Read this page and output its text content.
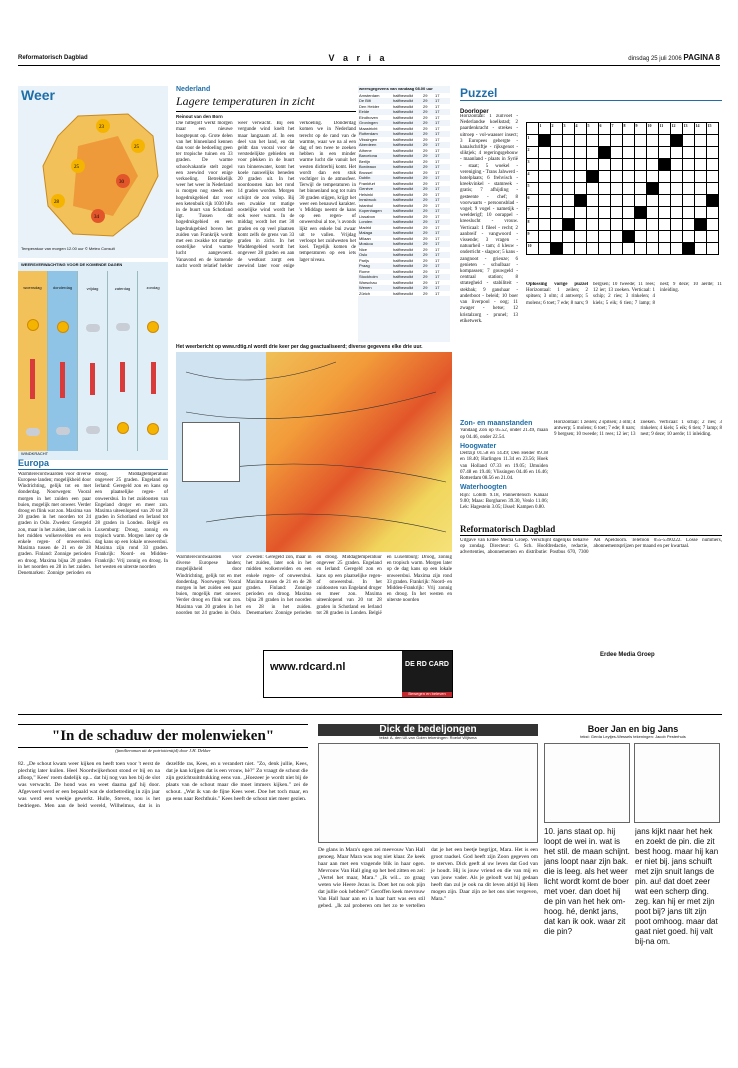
Reformatorisch Dagblad	V a r i a	dinsdag 25 juli 2006 PAGINA 8
Weer
23
25
25
30
28
34
Temperatuur van morgen 12.00 uur © Meteo Consult
WEERSVERWACHTING VOOR DE KOMENDE DAGEN
woensdag	donderdag	vrijdag	zaterdag	zondag
WINDKRACHT
Europa
Warmterecordwaarden voor diverse Europese landen; mogelijkheid door Windrichting, gelijk tot en met donderdag. Noorwegen: Vooral morgen in het zuiden een paar buien, mogelijk met onweer. Verder droog en flink wat zon. Maxima van 20 graden in het noorden tot 24 graden in Oslo. Zweden: Geregeld zon, maar in het zuiden, later ook in het midden wolkenvelden en een enkele regen- of onweersbui. Maxima tussen de 21 en de 28 graden. Finland: Zonnige perioden en droog. Maxima bijna 20 graden in het noorden en 28 in het zuiden. Denemarken: Zonnige perioden en droog. Middagtemperatuur ongeveer 25 graden. Engeland en Ierland: Geregeld zon en kans op een plaatselijke regen- of onweersbui. In het zuidoosten van Engeland droger en meer zon. Maxima uiteenlopend van 20 tot 28 graden in Schotland en Ierland tot 28 graden in Londen. België en Luxemburg: Droog, zonnig en tropisch warm. Morgen later op de dag kans op een lokale onweersbui. Maxima zijn rond 33 graden. Frankrijk: Noord- en Midden-Frankrijk: Vrij zonnig en droog. In het westen en uiterste noorden
Nederland
Lagere temperaturen in zicht
Reinout van den Born
Die hittegolf werkt morgen maar een nieuwe hoogtepunt op. Grote delen van het binnenland kennen dan voor de bedoeling geen ter tropische tuinen en 33 graden. De warme schoolvakantie stelt zogel een zeewind voor enige verkoeling. Betrekkelijk weer het weer in Nederland is morgen nog steeds een hogedrukgebied dat voor een ketenbuik rijk 1030 hPa in de buurt van Schotland ligt. Tussen dit hogedrukgebied en een lagedrukgebied boven het zuiden van Frankrijk wordt met een zwakke tot matige oostelijke wind warme lucht aangevoerd. Vanavond en de komende nacht wordt relatief helder weer verwacht. Bij een vergunde wind koelt het maar langzaam af. In een deel van het land, en dat geldt dan vooral voor de verstedelijkte gebieden en voor plekken in de buurt van binnenwater, komt het koele nauwelijks beneden 20 graden uit. In het noordoosten kan het rond 14 graden worden. Morgen schijnt de zon volop. Bij een zwakke tot matige oostelijke wind wordt het ook weer warm. In de middag wordt het met 30 graden en op veel plaatsen komt zelfs de grens van 33 graden in zicht. In het Waddengebied wordt het ongeveer 28 graden en aan de westkust zorgt een zeewind later voor enige verkoeling. Donderdag komen we in Nederland terecht op de rand van de warmte, waar we na al een dag of ten twee te zoeken hebben in een minder warme lucht die vanuit het westen dichterbij komt. Het wordt dan een stuk vochtiger in de atmosfeer. Terwijl de temperaturen in het binnenland nog tot ruim 30 graden stijgen, krijgt het weer een benauwd karakter. 's Middags neemt de kans op een regen- of onweersbui al toe, 's avonds lijkt een enkele bui zwaar uit te vallen. Vrijdag verloopt het zuidwesten het koel. Tegelijk komen de temperaturen op een iets lager niveau.
weersgegevens van vandaag 08.00 uur
Amsterdam	halfbewolkt	29	17
De Bilt	halfbewolkt	29	17
Den Helder	halfbewolkt	29	17
Eelde	halfbewolkt	29	17
Eindhoven	halfbewolkt	29	17
Groningen	halfbewolkt	29	17
Maastricht	halfbewolkt	29	17
Rotterdam	halfbewolkt	29	17
Vlissingen	halfbewolkt	29	17
Aberdeen	halfbewolkt	29	17
Athene	halfbewolkt	29	17
Barcelona	halfbewolkt	29	17
Berlijn	halfbewolkt	29	17
Bordeaux	halfbewolkt	29	17
Brussel	halfbewolkt	29	17
Dublin	halfbewolkt	29	17
Frankfurt	halfbewolkt	29	17
Genève	halfbewolkt	29	17
Helsinki	halfbewolkt	29	17
Innsbruck	halfbewolkt	29	17
Istanbul	halfbewolkt	29	17
Kopenhagen	halfbewolkt	29	17
Lissabon	halfbewolkt	29	17
Londen	halfbewolkt	29	17
Madrid	halfbewolkt	29	17
Malaga	halfbewolkt	29	17
Milaan	halfbewolkt	29	17
Moskou	halfbewolkt	29	17
Nice	halfbewolkt	29	17
Oslo	halfbewolkt	29	17
Parijs	halfbewolkt	29	17
Praag	halfbewolkt	29	17
Rome	halfbewolkt	29	17
Stockholm	halfbewolkt	29	17
Warschau	halfbewolkt	29	17
Wenen	halfbewolkt	29	17
Zürich	halfbewolkt	29	17
Het weerbericht op www.rdtig.nl wordt drie keer per dag geactualiseerd; diverse gegevens elke drie uur.
Warmterecordwaarden voor diverse Europese landen; mogelijkheid door Windrichting, gelijk tot en met donderdag. Noorwegen: Vooral morgen in het zuiden een paar buien, mogelijk met onweer. Verder droog en flink wat zon. Maxima van 20 graden in het noorden tot 24 graden in Oslo. Zweden: Geregeld zon, maar in het zuiden, later ook in het midden wolkenvelden en een enkele regen- of onweersbui. Maxima tussen de 21 en de 28 graden. Finland: Zonnige perioden en droog. Maxima bijna 20 graden in het noorden en 28 in het zuiden. Denemarken: Zonnige perioden en droog. Middagtemperatuur ongeveer 25 graden. Engeland en Ierland: Geregeld zon en kans op een plaatselijke regen- of onweersbui. In het zuidoosten van Engeland droger en meer zon. Maxima uiteenlopend van 20 tot 28 graden in Schotland en Ierland tot 28 graden in Londen. België en Luxemburg: Droog, zonnig en tropisch warm. Morgen later op de dag kans op een lokale onweersbui. Maxima zijn rond 33 graden. Frankrijk: Noord- en Midden-Frankrijk: Vrij zonnig en droog. In het westen en uiterste noorden
www.rdcard.nl	DE RD CARD
Bewegen en beleven
Puzzel
Doorloper
Horizontaal: 1 zuilvoet - Nederlandse koelkstad; 2 paardenkracht - strekes - uitroep - vol-waasser insect; 3 Europees gebergte - kanalschriftje - rijksgenot - sliktjek; 4 regeringsgebouw - maanland - plaats in Syrië - staat; 5 woekel - vereniging - Trans Jahwerd - hotelplaats; 6 frehvisch - kreekvinkel - stamreek - gratis; 7 afhijding - gesteente - chef; 8 voorwaarts - persoonsblad - vogel; 9 vogel - nametijk - weelderigf; 10 oorappel - kreeslucht - vrouw. Verticaal: 1 fileel - recht; 2 aanbreif - vangwoord - vissende; 3 vragen - natuurheil - tam; 4 kleuw - onderricht - slagoor; 5 kans - zangnoot - grieuze; 6 genieten - schulbaar - kompassen; 7 gouwgeld - centraal station; 8 strategheid - stabiliteit - stekbak; 9 ganshaar - anderboot - beleid; 10 boer van liverpool - oog; 11 zwager - hetse; 12 kristalzorg - prunel; 13 etiketwerk.
	1	2	3	4	5	6	7	8	9	10	11	12	13	14	15
1															
2															
3															
4															
5															
6															
7															
8															
9															
10															
Oplossing vorige puzzel Horizontaal: 1 zeilen; 2 spitsen; 3 olm; 4 antwerp; 5 molens; 6 toet; 7 ede; 8 nars; 9 bergsen; 10 tweede; 11 rees; 12 ier; 13 zoeken. Verticaal: 1 schip; 2 ries; 3 rinkelen; 4 kiels; 5 eik; 6 tien; 7 lamp; 8 nest; 9 deze; 10 aerde; 11 inleiding.
Zon- en maanstanden
Vandaag Zon op 05.52, onder 21.49, maan op 04.46, onder 22.54.
Hoogwater
Delfzijl 01.58 en 14.49; Den Helder 09.38 en 18.40; Harlingen 11.34 en 23.56; Hoek van Holland 07.33 en 19.05; IJmuiden 07.48 en 19.46; Vlissingen 04.46 en 16.46; Rotterdam 08.56 en 21.04.
Waterhoogten
Rijn: Lobith 9.18, Pannerdensch Kanaal 9.00; Maas: Borgharen 39.30, Venlo 11.06; Lek: Hagestein 3.05; IJssel: Kampen 0.80.
Horizontaal: 1 zeilen; 2 spitsen; 3 olm; 4 antwerp; 5 molens; 6 toet; 7 ede; 8 nars; 9 bergsen; 10 tweede; 11 rees; 12 ier; 13 zoeken. Verticaal: 1 schip; 2 ries; 3 rinkelen; 4 kiels; 5 eik; 6 tien; 7 lamp; 8 nest; 9 deze; 10 aerde; 11 inleiding.
Reformatorisch Dagblad
Uitgave van Erdee Media Groep. Verschijnt dagelijks behalve op zondag. Directeur: G. Sch. Hoofdredactie, redactie, advertenties, abonnementen en distributie: Postbus 670, 7300 AR Apeldoorn. Telefoon 055-5390222. Losse nummers, abonnementsprijzen per maand en per kwartaal.
Erdee Media Groep
"In de schaduw der molenwieken"
(familieroman uit de patriottentijd) door J.H. Dekker
82. „De schout kwam weer kijken en heeft toen voor 't eerst de plechtig later kuilen. Heel Noordwijkerhout stond er bij en na afloop," Kees' roem dadelijk op... dat hij nog van hen bij de slot was verwacht. De hond was en weet daarna gaf hij door. Afgevoerd werd er een bepaald wat de slotbetreding in zijn jaar was werd een weekje gewerkt. Hulle, Steven, nou is het bedriegen. Men aan de beid wereld, Wilhelmus, dat is in dezelfde ras, Kees, en u verandert niet. "Zo, denk jullie, Kees, dat je kan krijgen dat is een vrouw, hè?" Zo vraagt de schout die zijn gezichtsuitdrukking eens van. „Hoezeer je wordt niet bij de plaats van de schout maar die moet immers kijken." zei de schout. „Wat ik van de fijne Kees weet. Doe het toch maar, en ga eens naar Rechthuis." Kees heeft de schout niet meer gezien.
Dick de bedeljongen
tekst: A. den Uil-van Golen tekeningen: Roelof Wijtsma
De glans in Mara's ogen zei meevouw Van Hall genoeg. Maar Mara was nog niet klaar. Ze keek haar aan met een vragende blik in haar ogen. Mevrouw Van Hall ging op het bed zitten en zei: „Vertel het maar, Mara." „Ik wil... zo graag weten wie Heere Jezus is. Doet het nu ook pijn dat jullie ook hebben?" Geroffen keek mevrouw Van Hall haar aan en in haar hart was een stil gebed. „Ik zal proberen om het zo te vertellen dat je het een beetje begrijpt, Mara. Het is een groot raadsel. God heeft zijn Zoon gegeven om te sterven. Dick geeft al uw leven dat God van je houdt. Hij is jouw vriend en die van mij en van jouw vader. Als je gelooft wat hij gedaan heeft dan zul je ook na dit leven altijd bij Hem mogen zijn. Daar zijn ze het ons niet vergeven, Mara."
Boer Jan en big Jans
tekst: Gerda Leytjes-Wessels tekeningen: Jacob Pesterhuis
10. jans staat op. hij loopt de wei in. wat is het stil. de maan schijnt. jans loopt naar zijn bak. die is leeg. als het weer licht wordt komt de boer met voer. dan doet hij de pin van het hek om-hoog. hé, denkt jans, dat kan ik ook. waar zit die pin?
jans kijkt naar het hek en zoekt de pin. die zit best hoog. maar hij kan er niet bij. jans schuift met zijn snuit langs de pin. au! dat doet zeer wat een scherp ding. zeg. kan hij er met zijn poot bij? jans tilt zijn poot omhoog. maar dat gaat niet goed. hij valt bij-na om.
